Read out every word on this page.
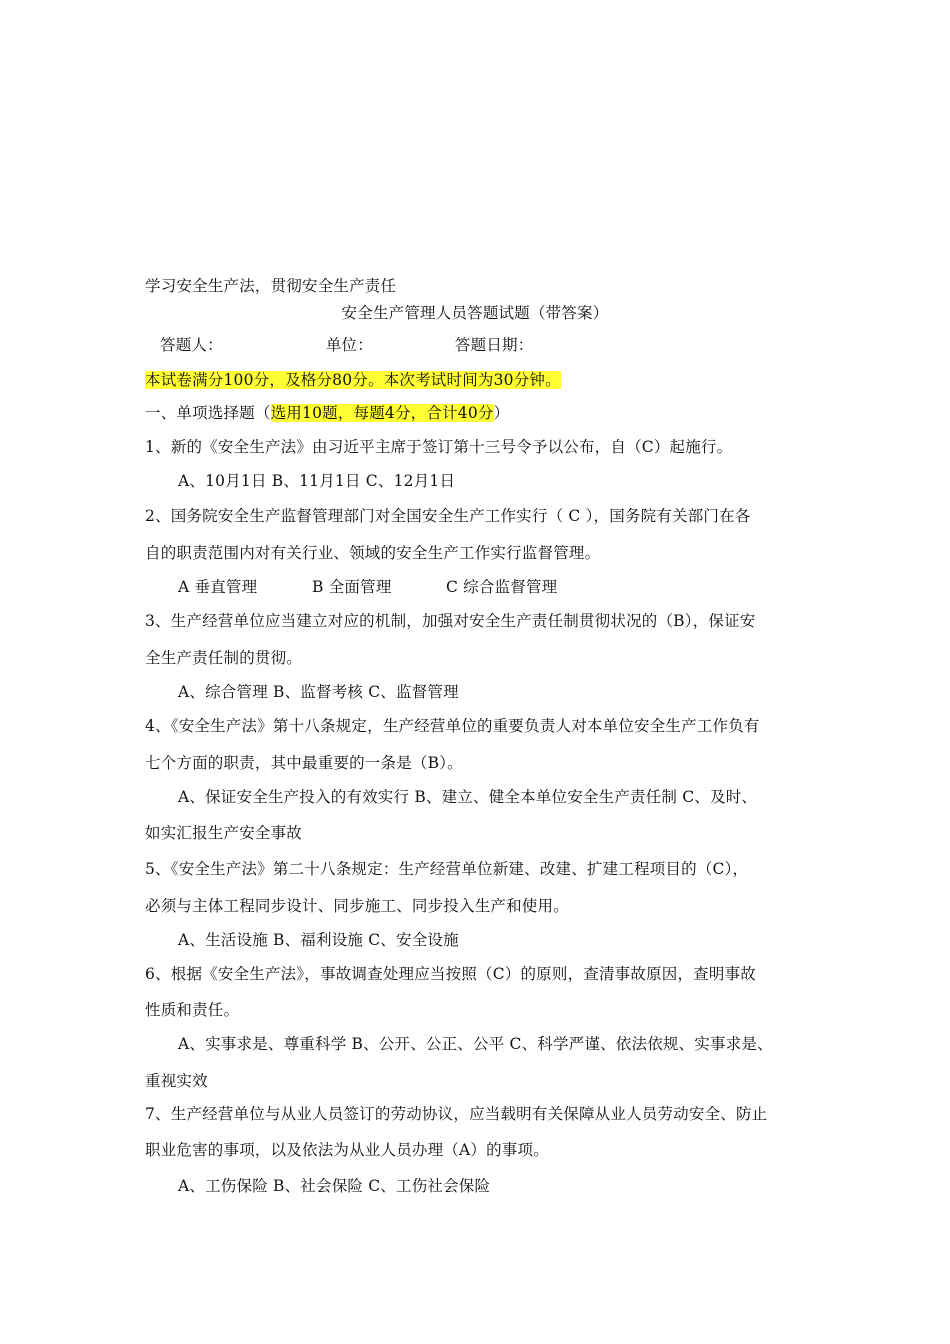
学习安全生产法，贯彻安全生产责任
安全生产管理人员答题试题（带答案）
答题人：	单位：	答题日期：
本试卷满分100分，及格分80分。本次考试时间为30分钟。
一、单项选择题（选用10题，每题4分，合计40分）
1、新的《安全生产法》由习近平主席于签订第十三号令予以公布，自（C）起施行。
A、10月1日 B、11月1日 C、12月1日
2、国务院安全生产监督管理部门对全国安全生产工作实行（ C ），国务院有关部门在各
自的职责范围内对有关行业、领域的安全生产工作实行监督管理。
A 垂直管理	B 全面管理	C 综合监督管理
3、生产经营单位应当建立对应的机制，加强对安全生产责任制贯彻状况的（B），保证安
全生产责任制的贯彻。
A、综合管理 B、监督考核 C、监督管理
4、《安全生产法》第十八条规定，生产经营单位的重要负责人对本单位安全生产工作负有
七个方面的职责，其中最重要的一条是（B）。
A、保证安全生产投入的有效实行 B、建立、健全本单位安全生产责任制 C、及时、
如实汇报生产安全事故
5、《安全生产法》第二十八条规定：生产经营单位新建、改建、扩建工程项目的（C），
必须与主体工程同步设计、同步施工、同步投入生产和使用。
A、生活设施 B、福利设施 C、安全设施
6、根据《安全生产法》，事故调查处理应当按照（C）的原则，查清事故原因，查明事故
性质和责任。
A、实事求是、尊重科学 B、公开、公正、公平 C、科学严谨、依法依规、实事求是、
重视实效
7、生产经营单位与从业人员签订的劳动协议，应当载明有关保障从业人员劳动安全、防止
职业危害的事项，以及依法为从业人员办理（A）的事项。
A、工伤保险 B、社会保险 C、工伤社会保险
